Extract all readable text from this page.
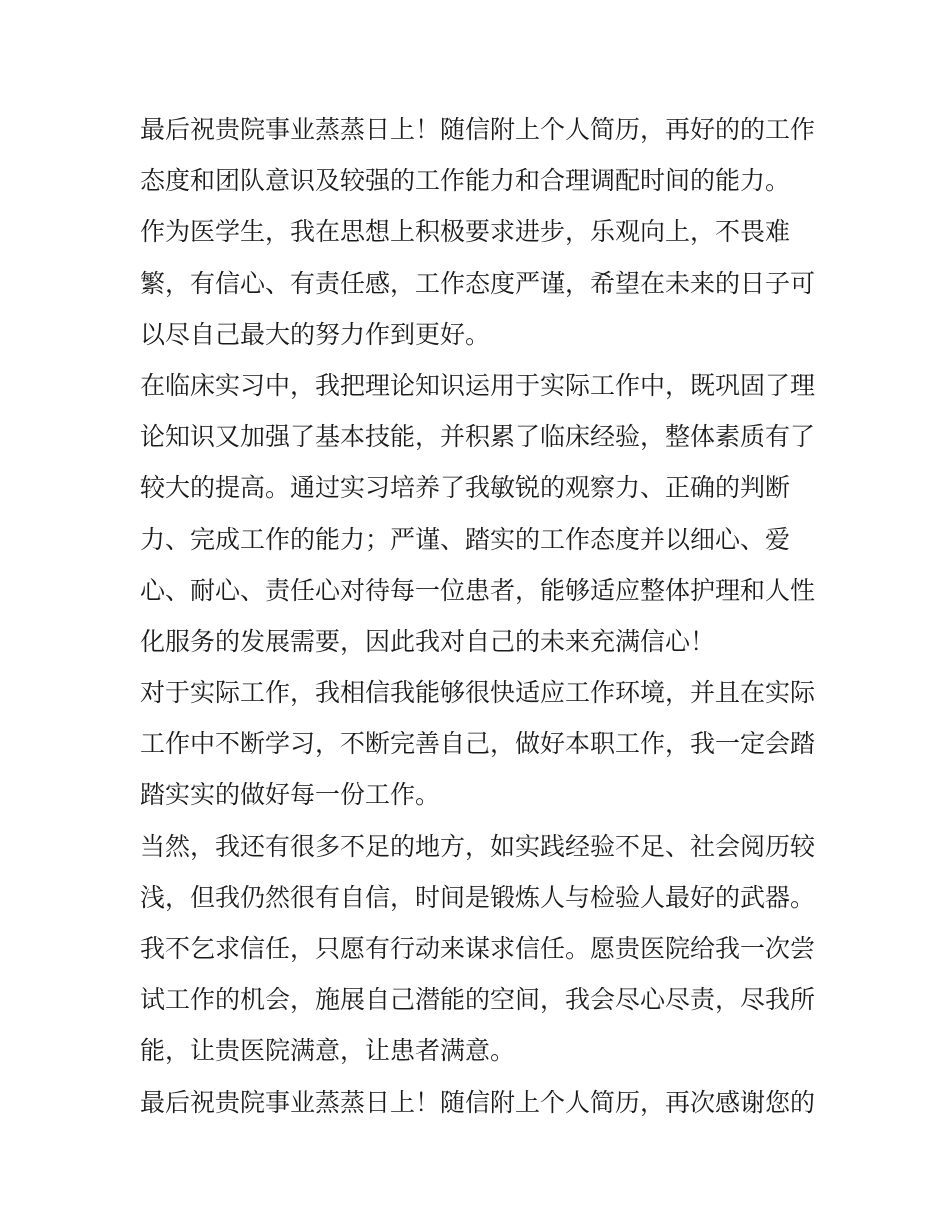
最后祝贵院事业蒸蒸日上！随信附上个人简历，再好的的工作
态度和团队意识及较强的工作能力和合理调配时间的能力。
作为医学生，我在思想上积极要求进步，乐观向上，不畏难
繁，有信心、有责任感，工作态度严谨，希望在未来的日子可
以尽自己最大的努力作到更好。
在临床实习中，我把理论知识运用于实际工作中，既巩固了理
论知识又加强了基本技能，并积累了临床经验，整体素质有了
较大的提高。通过实习培养了我敏锐的观察力、正确的判断
力、完成工作的能力；严谨、踏实的工作态度并以细心、爱
心、耐心、责任心对待每一位患者，能够适应整体护理和人性
化服务的发展需要，因此我对自己的未来充满信心！
对于实际工作，我相信我能够很快适应工作环境，并且在实际
工作中不断学习，不断完善自己，做好本职工作，我一定会踏
踏实实的做好每一份工作。
当然，我还有很多不足的地方，如实践经验不足、社会阅历较
浅，但我仍然很有自信，时间是锻炼人与检验人最好的武器。
我不乞求信任，只愿有行动来谋求信任。愿贵医院给我一次尝
试工作的机会，施展自己潜能的空间，我会尽心尽责，尽我所
能，让贵医院满意，让患者满意。
最后祝贵院事业蒸蒸日上！随信附上个人简历，再次感谢您的
